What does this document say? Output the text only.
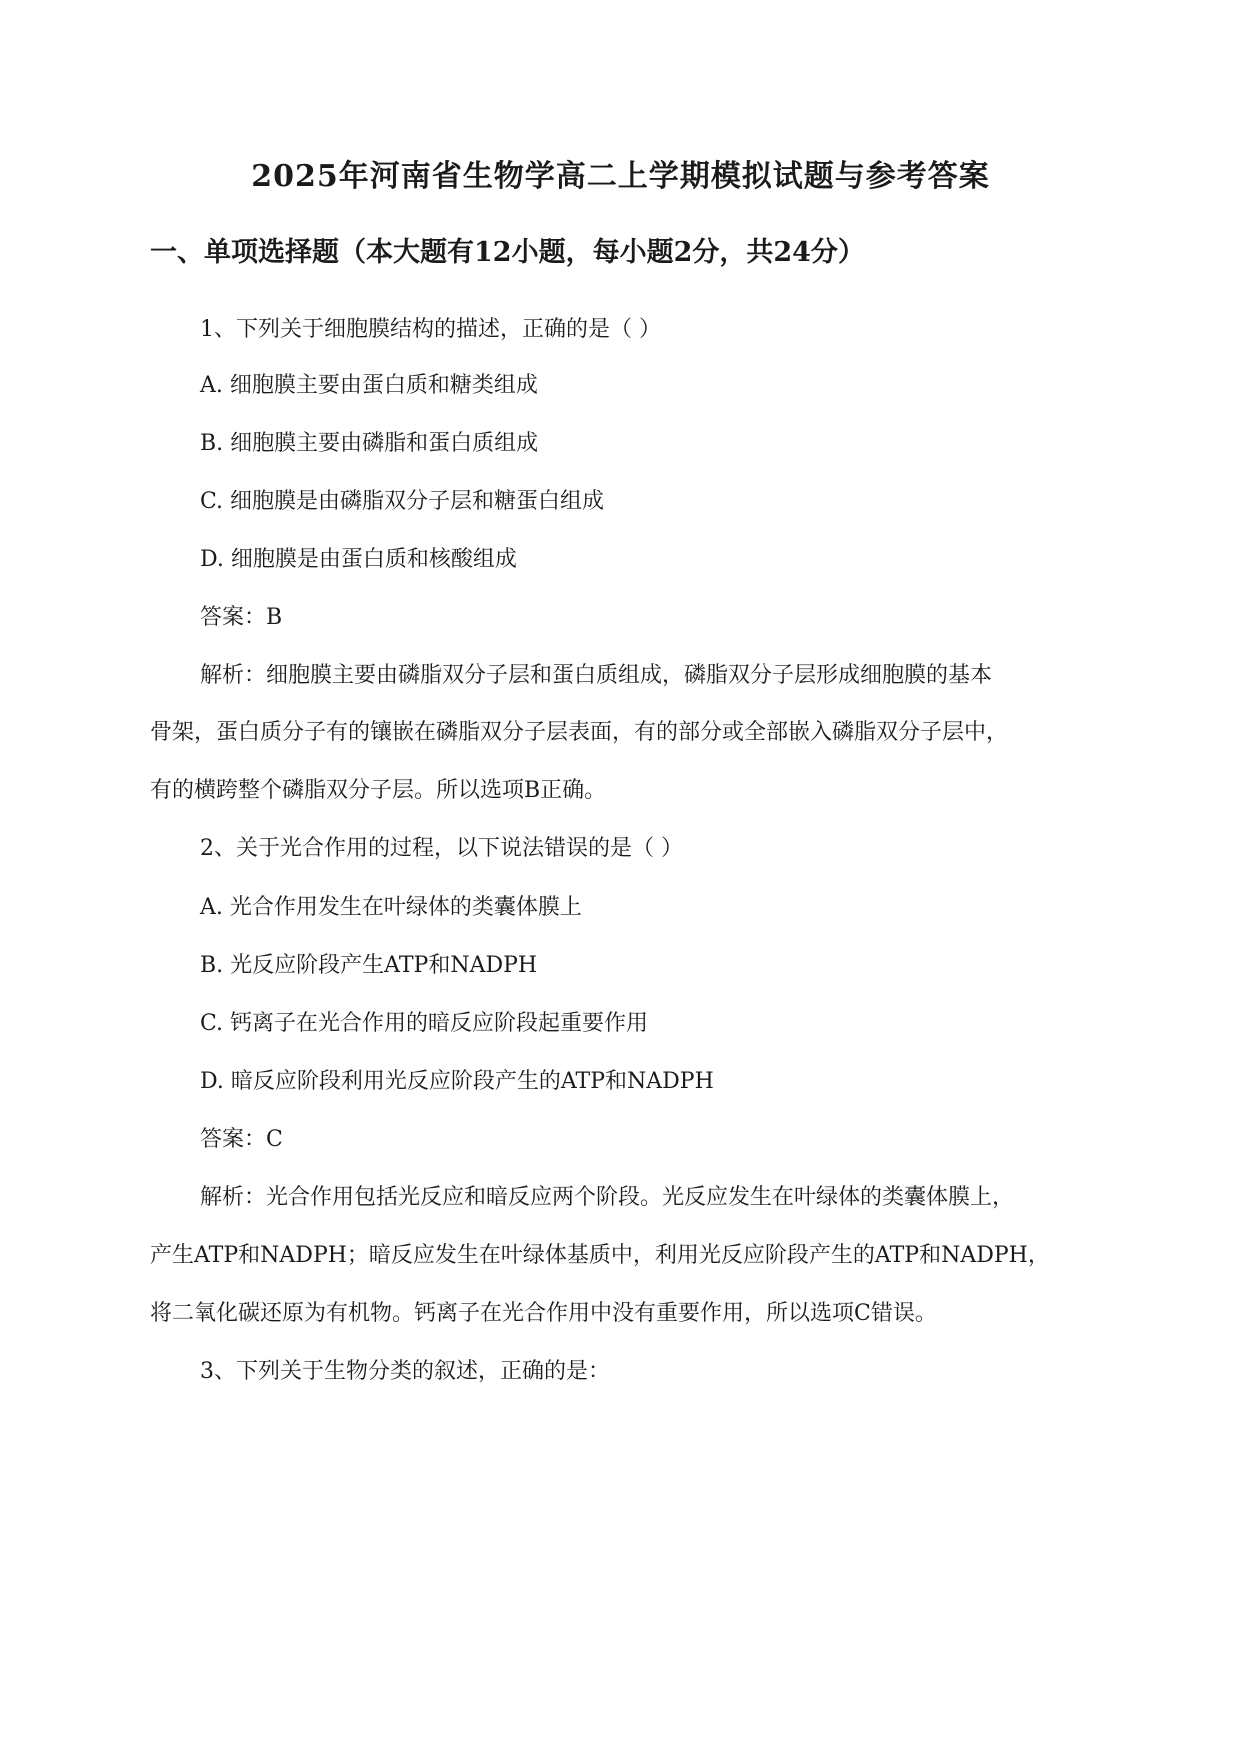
2025年河南省生物学高二上学期模拟试题与参考答案
一、单项选择题（本大题有12小题，每小题2分，共24分）
1、下列关于细胞膜结构的描述，正确的是（ ）
A. 细胞膜主要由蛋白质和糖类组成
B. 细胞膜主要由磷脂和蛋白质组成
C. 细胞膜是由磷脂双分子层和糖蛋白组成
D. 细胞膜是由蛋白质和核酸组成
答案：B
解析：细胞膜主要由磷脂双分子层和蛋白质组成，磷脂双分子层形成细胞膜的基本
骨架，蛋白质分子有的镶嵌在磷脂双分子层表面，有的部分或全部嵌入磷脂双分子层中，
有的横跨整个磷脂双分子层。所以选项B正确。
2、关于光合作用的过程，以下说法错误的是（ ）
A. 光合作用发生在叶绿体的类囊体膜上
B. 光反应阶段产生ATP和NADPH
C. 钙离子在光合作用的暗反应阶段起重要作用
D. 暗反应阶段利用光反应阶段产生的ATP和NADPH
答案：C
解析：光合作用包括光反应和暗反应两个阶段。光反应发生在叶绿体的类囊体膜上，
产生ATP和NADPH；暗反应发生在叶绿体基质中，利用光反应阶段产生的ATP和NADPH，
将二氧化碳还原为有机物。钙离子在光合作用中没有重要作用，所以选项C错误。
3、下列关于生物分类的叙述，正确的是：
